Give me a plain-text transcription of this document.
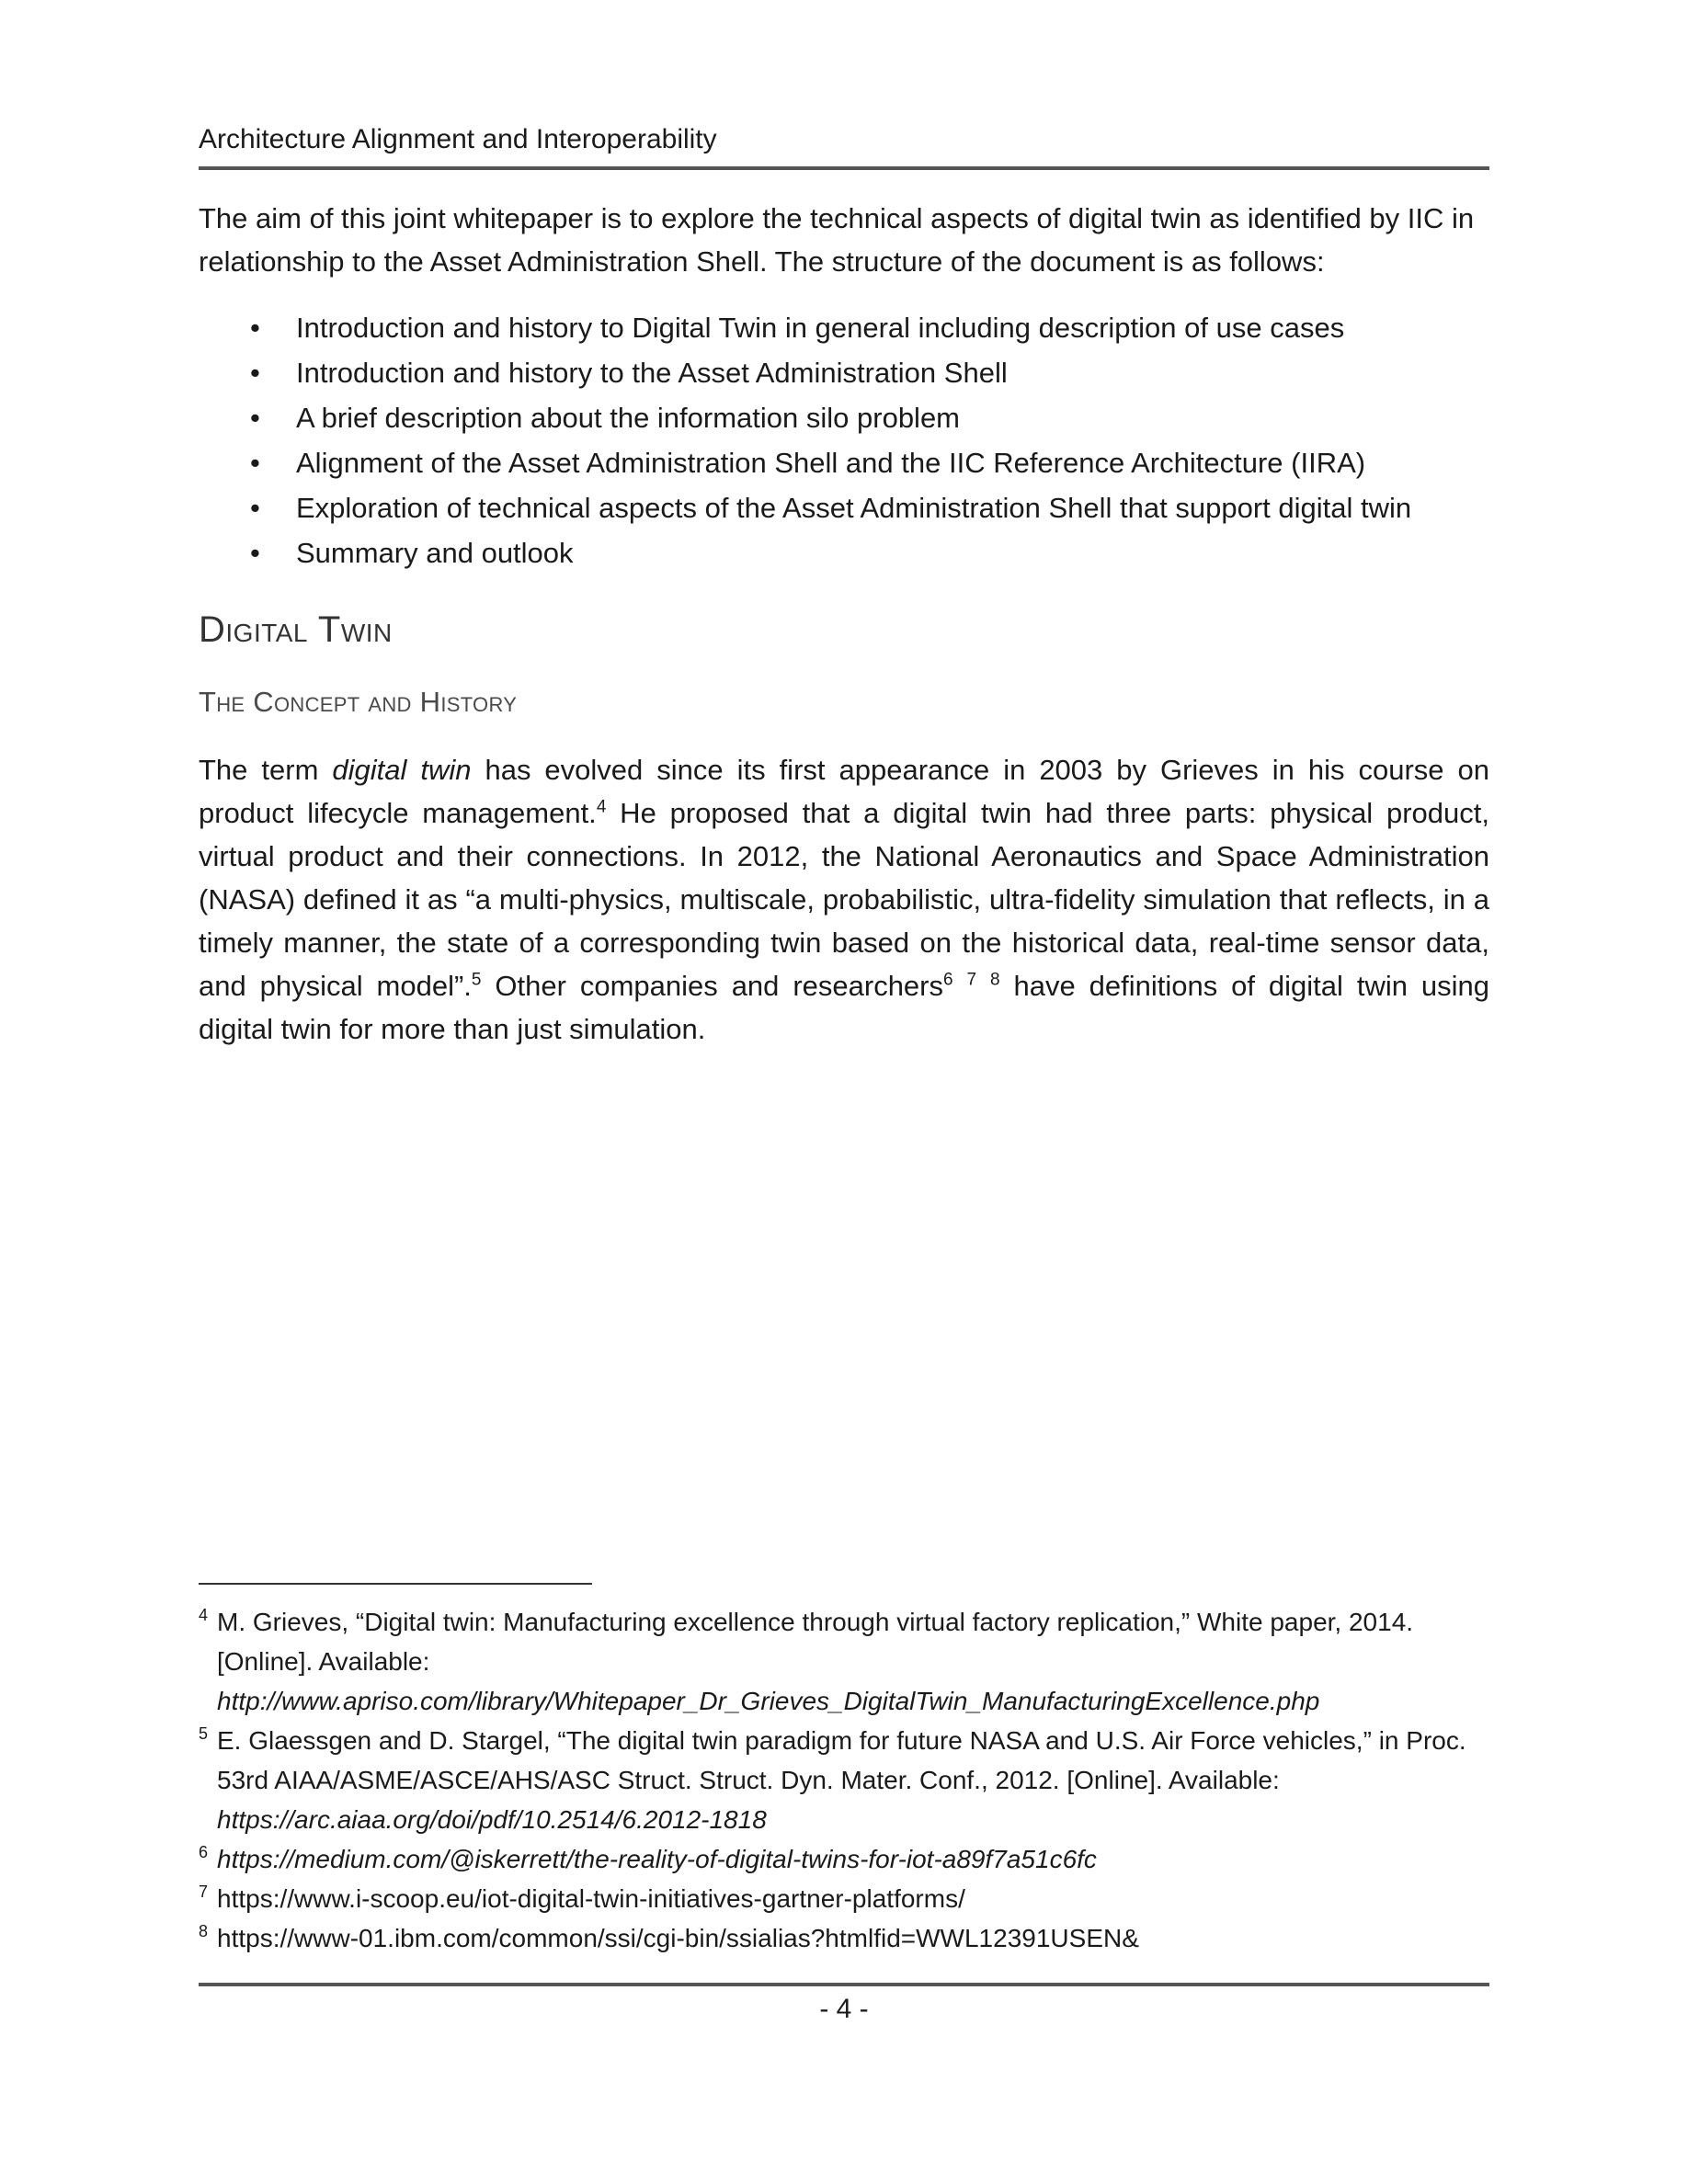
Architecture Alignment and Interoperability

The aim of this joint whitepaper is to explore the technical aspects of digital twin as identified by IIC in relationship to the Asset Administration Shell. The structure of the document is as follows:

• Introduction and history to Digital Twin in general including description of use cases
• Introduction and history to the Asset Administration Shell
• A brief description about the information silo problem
• Alignment of the Asset Administration Shell and the IIC Reference Architecture (IIRA)
• Exploration of technical aspects of the Asset Administration Shell that support digital twin
• Summary and outlook
Digital Twin
The Concept and History

The term digital twin has evolved since its first appearance in 2003 by Grieves in his course on product lifecycle management.$^4$ He proposed that a digital twin had three parts: physical product, virtual product and their connections. In 2012, the National Aeronautics and Space Administration (NASA) defined it as “a multi-physics, multiscale, probabilistic, ultra-fidelity simulation that reflects, in a timely manner, the state of a corresponding twin based on the historical data, real-time sensor data, and physical model”.$^5$ Other companies and researchers$^6$ $^7$ $^8$ have definitions of digital twin using digital twin for more than just simulation.

4 M. Grieves, “Digital twin: Manufacturing excellence through virtual factory replication,” White paper, 2014. [Online]. Available:
http://www.apriso.com/library/Whitepaper_Dr_Grieves_DigitalTwin_ManufacturingExcellence.php
5 E. Glaessgen and D. Stargel, “The digital twin paradigm for future NASA and U.S. Air Force vehicles,” in Proc. 53rd AIAA/ASME/ASCE/AHS/ASC Struct. Struct. Dyn. Mater. Conf., 2012. [Online]. Available:
https://arc.aiaa.org/doi/pdf/10.2514/6.2012-1818
6 https://medium.com/@iskerrett/the-reality-of-digital-twins-for-iot-a89f7a51c6fc
7 https://www.i-scoop.eu/iot-digital-twin-initiatives-gartner-platforms/
8 https://www-01.ibm.com/common/ssi/cgi-bin/ssialias?htmlfid=WWL12391USEN&
- 4 -
